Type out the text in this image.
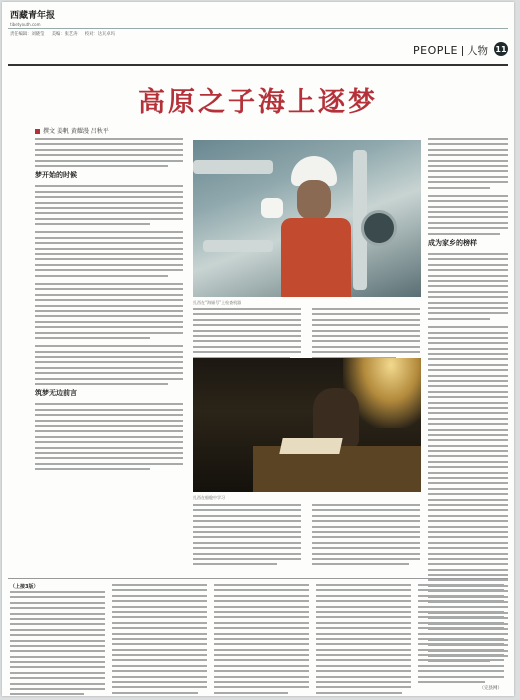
西藏青年报
tibetyouth.com
责任编辑：刘晓莹 美编：张艺涛 校对：达瓦卓玛
PEOPLE 人物 11
高原之子海上逐梦
撰文 姜帆 黄耀漫 吕秋平
梦开始的时候
筑梦无边前言
扎西在“海锚号”上检查机器
扎西在船舱中学习
成为家乡的榜样
（上接3版）
（完县网）
